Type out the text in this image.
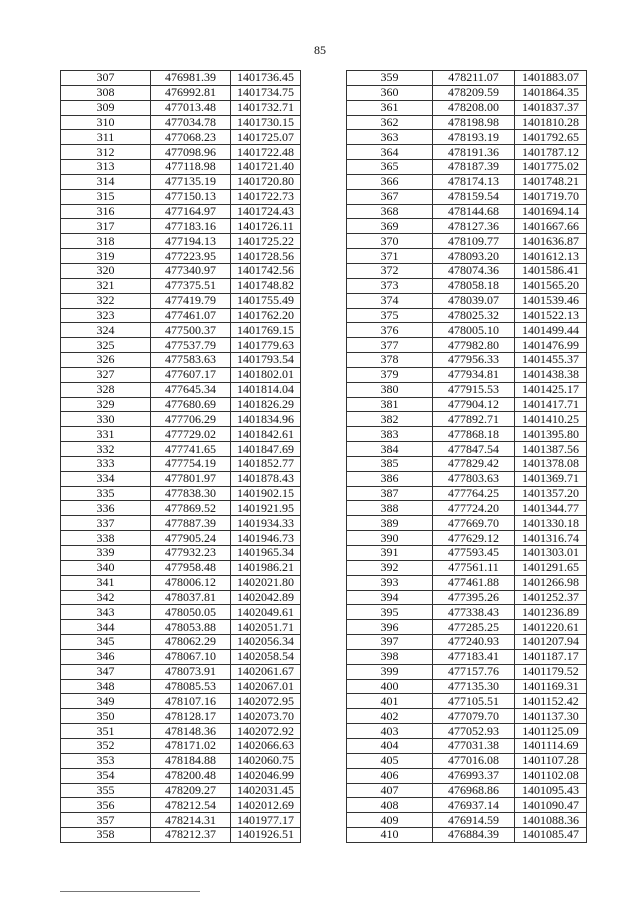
85
307	476981.39	1401736.45
308	476992.81	1401734.75
309	477013.48	1401732.71
310	477034.78	1401730.15
311	477068.23	1401725.07
312	477098.96	1401722.48
313	477118.98	1401721.40
314	477135.19	1401720.80
315	477150.13	1401722.73
316	477164.97	1401724.43
317	477183.16	1401726.11
318	477194.13	1401725.22
319	477223.95	1401728.56
320	477340.97	1401742.56
321	477375.51	1401748.82
322	477419.79	1401755.49
323	477461.07	1401762.20
324	477500.37	1401769.15
325	477537.79	1401779.63
326	477583.63	1401793.54
327	477607.17	1401802.01
328	477645.34	1401814.04
329	477680.69	1401826.29
330	477706.29	1401834.96
331	477729.02	1401842.61
332	477741.65	1401847.69
333	477754.19	1401852.77
334	477801.97	1401878.43
335	477838.30	1401902.15
336	477869.52	1401921.95
337	477887.39	1401934.33
338	477905.24	1401946.73
339	477932.23	1401965.34
340	477958.48	1401986.21
341	478006.12	1402021.80
342	478037.81	1402042.89
343	478050.05	1402049.61
344	478053.88	1402051.71
345	478062.29	1402056.34
346	478067.10	1402058.54
347	478073.91	1402061.67
348	478085.53	1402067.01
349	478107.16	1402072.95
350	478128.17	1402073.70
351	478148.36	1402072.92
352	478171.02	1402066.63
353	478184.88	1402060.75
354	478200.48	1402046.99
355	478209.27	1402031.45
356	478212.54	1402012.69
357	478214.31	1401977.17
358	478212.37	1401926.51
359	478211.07	1401883.07
360	478209.59	1401864.35
361	478208.00	1401837.37
362	478198.98	1401810.28
363	478193.19	1401792.65
364	478191.36	1401787.12
365	478187.39	1401775.02
366	478174.13	1401748.21
367	478159.54	1401719.70
368	478144.68	1401694.14
369	478127.36	1401667.66
370	478109.77	1401636.87
371	478093.20	1401612.13
372	478074.36	1401586.41
373	478058.18	1401565.20
374	478039.07	1401539.46
375	478025.32	1401522.13
376	478005.10	1401499.44
377	477982.80	1401476.99
378	477956.33	1401455.37
379	477934.81	1401438.38
380	477915.53	1401425.17
381	477904.12	1401417.71
382	477892.71	1401410.25
383	477868.18	1401395.80
384	477847.54	1401387.56
385	477829.42	1401378.08
386	477803.63	1401369.71
387	477764.25	1401357.20
388	477724.20	1401344.77
389	477669.70	1401330.18
390	477629.12	1401316.74
391	477593.45	1401303.01
392	477561.11	1401291.65
393	477461.88	1401266.98
394	477395.26	1401252.37
395	477338.43	1401236.89
396	477285.25	1401220.61
397	477240.93	1401207.94
398	477183.41	1401187.17
399	477157.76	1401179.52
400	477135.30	1401169.31
401	477105.51	1401152.42
402	477079.70	1401137.30
403	477052.93	1401125.09
404	477031.38	1401114.69
405	477016.08	1401107.28
406	476993.37	1401102.08
407	476968.86	1401095.43
408	476937.14	1401090.47
409	476914.59	1401088.36
410	476884.39	1401085.47
